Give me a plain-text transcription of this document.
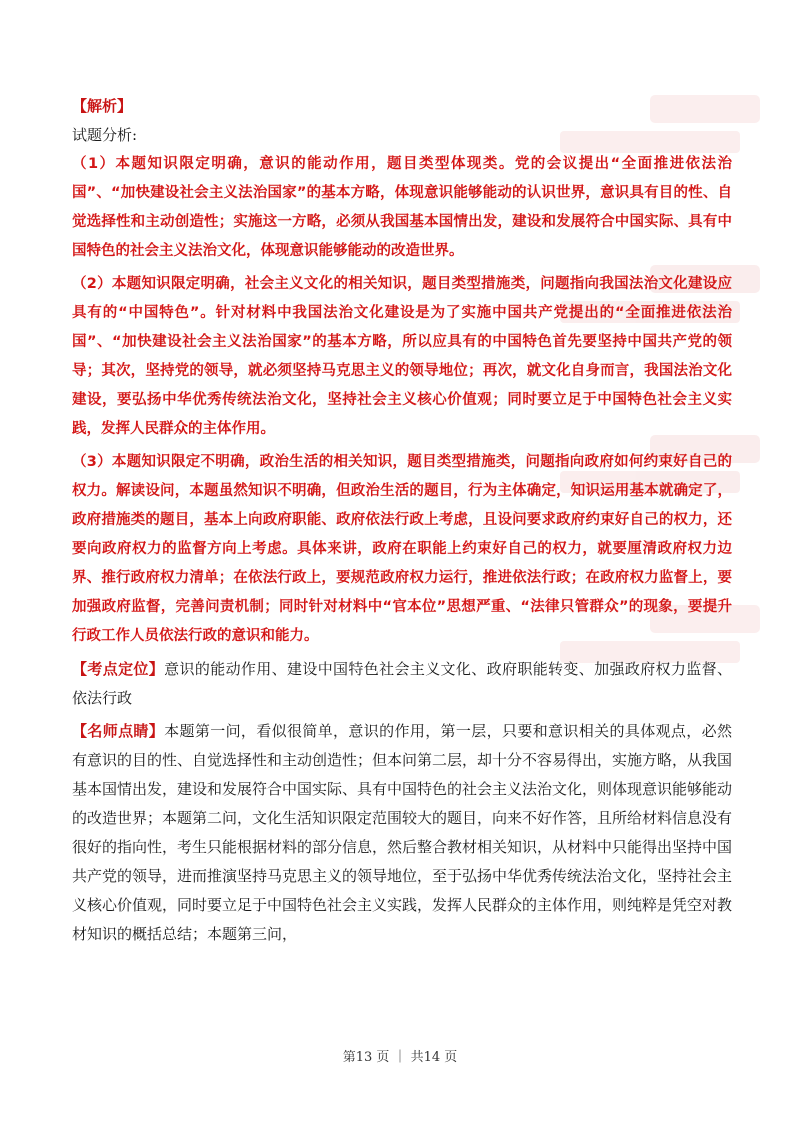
【解析】
试题分析:

（1）本题知识限定明确，意识的能动作用，题目类型体现类。党的会议提出“全面推进依法治国”、“加快建设社会主义法治国家”的基本方略，体现意识能够能动的认识世界，意识具有目的性、自觉选择性和主动创造性；实施这一方略，必须从我国基本国情出发，建设和发展符合中国实际、具有中国特色的社会主义法治文化，体现意识能够能动的改造世界。

（2）本题知识限定明确，社会主义文化的相关知识，题目类型措施类，问题指向我国法治文化建设应具有的“中国特色”。针对材料中我国法治文化建设是为了实施中国共产党提出的“全面推进依法治国”、“加快建设社会主义法治国家”的基本方略，所以应具有的中国特色首先要坚持中国共产党的领导；其次，坚持党的领导，就必须坚持马克思主义的领导地位；再次，就文化自身而言，我国法治文化建设，要弘扬中华优秀传统法治文化，坚持社会主义核心价值观；同时要立足于中国特色社会主义实践，发挥人民群众的主体作用。

（3）本题知识限定不明确，政治生活的相关知识，题目类型措施类，问题指向政府如何约束好自己的权力。解读设问，本题虽然知识不明确，但政治生活的题目，行为主体确定，知识运用基本就确定了，政府措施类的题目，基本上向政府职能、政府依法行政上考虑，且设问要求政府约束好自己的权力，还要向政府权力的监督方向上考虑。具体来讲，政府在职能上约束好自己的权力，就要厘清政府权力边界、推行政府权力清单；在依法行政上，要规范政府权力运行，推进依法行政；在政府权力监督上，要加强政府监督，完善问责机制；同时针对材料中“官本位”思想严重、“法律只管群众”的现象，要提升行政工作人员依法行政的意识和能力。

【考点定位】意识的能动作用、建设中国特色社会主义文化、政府职能转变、加强政府权力监督、依法行政

【名师点睛】本题第一问，看似很简单，意识的作用，第一层，只要和意识相关的具体观点，必然有意识的目的性、自觉选择性和主动创造性；但本问第二层，却十分不容易得出，实施方略，从我国基本国情出发，建设和发展符合中国实际、具有中国特色的社会主义法治文化，则体现意识能够能动的改造世界；本题第二问，文化生活知识限定范围较大的题目，向来不好作答，且所给材料信息没有很好的指向性，考生只能根据材料的部分信息，然后整合教材相关知识，从材料中只能得出坚持中国共产党的领导，进而推演坚持马克思主义的领导地位，至于弘扬中华优秀传统法治文化，坚持社会主义核心价值观，同时要立足于中国特色社会主义实践，发挥人民群众的主体作用，则纯粹是凭空对教材知识的概括总结；本题第三问，

第13 页 ｜ 共14 页
